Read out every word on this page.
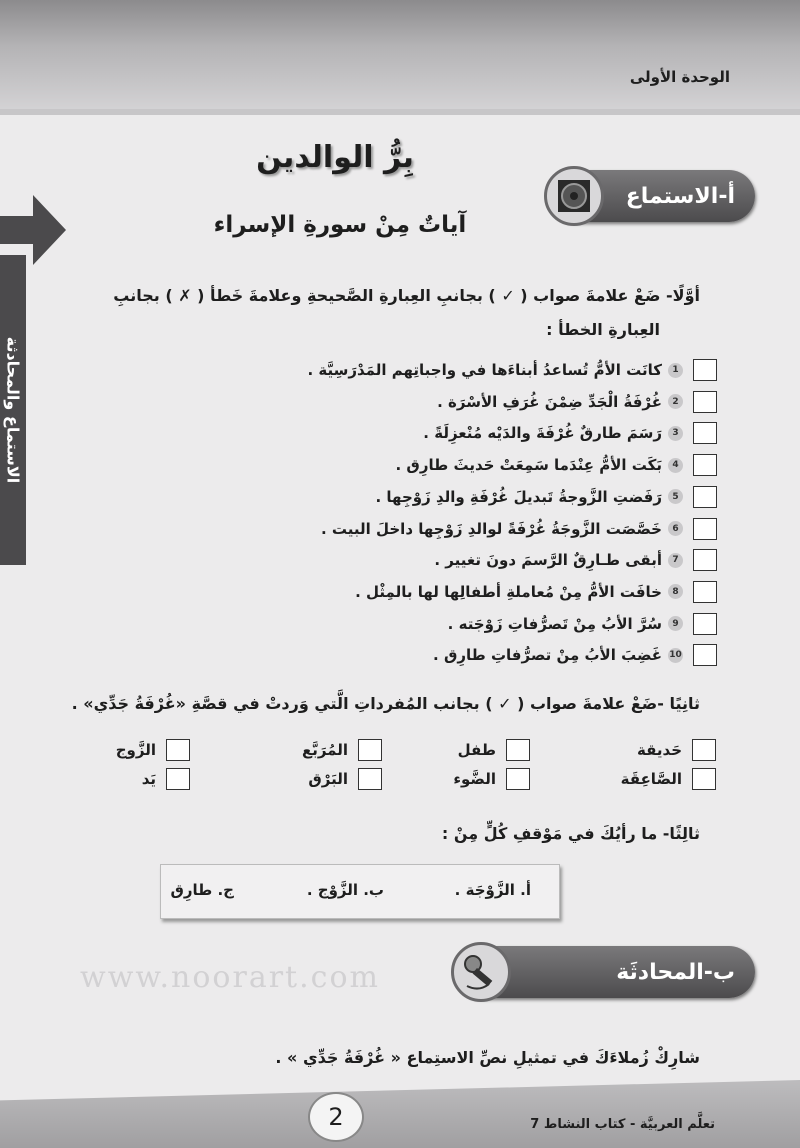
الوحدة الأولى
الاستماع والمحادثة
بِرُّ الوالدين
أ-الاستماع
آياتٌ مِنْ سورةِ الإسراء
أوَّلًا- ضَعْ علامةَ صواب ( ✓ ) بجانبِ العِبارةِ الصَّحيحةِ وعلامةَ خَطأ ( ✗ ) بجانبِ
العِبارةِ الخطأ :
1
كانَت الأمُّ تُساعدُ أبناءَها في واجباتِهم المَدْرَسِيَّة .
2
غُرْفَةُ الْجَدِّ ضِمْنَ غُرَفِ الأسْرَة .
3
رَسَمَ طارقٌ غُرْفَةَ والدَيْه مُنْعزِلَةً .
4
بَكَت الأمُّ عِنْدَما سَمِعَتْ حَديثَ طارِق .
5
رَفَضتِ الزَّوجةُ تَبديلَ غُرْفَةِ والدِ زَوْجِها .
6
خَصَّصَت الزَّوجَةُ غُرْفَةً لوالدِ زَوْجِها داخلَ البيت .
7
أبقى طـارِقٌ الرَّسمَ دونَ تغيير .
8
خافَت الأمُّ مِنْ مُعاملةِ أطفالِها لها بالمِثْل .
9
سُرَّ الأبُ مِنْ تَصرُّفاتِ زَوْجَته .
10
غَضِبَ الأبُ مِنْ تصرُّفاتِ طارِق .
ثانِيًا -ضَعْ علامةَ صواب ( ✓ ) بجانب المُفرداتِ الَّتي وَردتْ في قصَّةِ «غُرْفَةُ جَدِّي» .
حَديقة
طفل
المُرَبَّع
الزَّوج
الصَّاعِقَة
الضَّوء
البَرْق
يَد
ثالِثًا- ما رأيُكَ في مَوْقفِ كُلٍّ مِنْ :
أ. الزَّوْجَة .
ب. الزَّوْج .
ج. طارِق
www.noorart.com	ب-المحادثَة
شارِكْ زُملاءَكَ في تمثيلِ نصِّ الاستِماع « غُرْفَةُ جَدِّي » .
2	تعلَّم العربيَّة - كتاب النشاط 7
